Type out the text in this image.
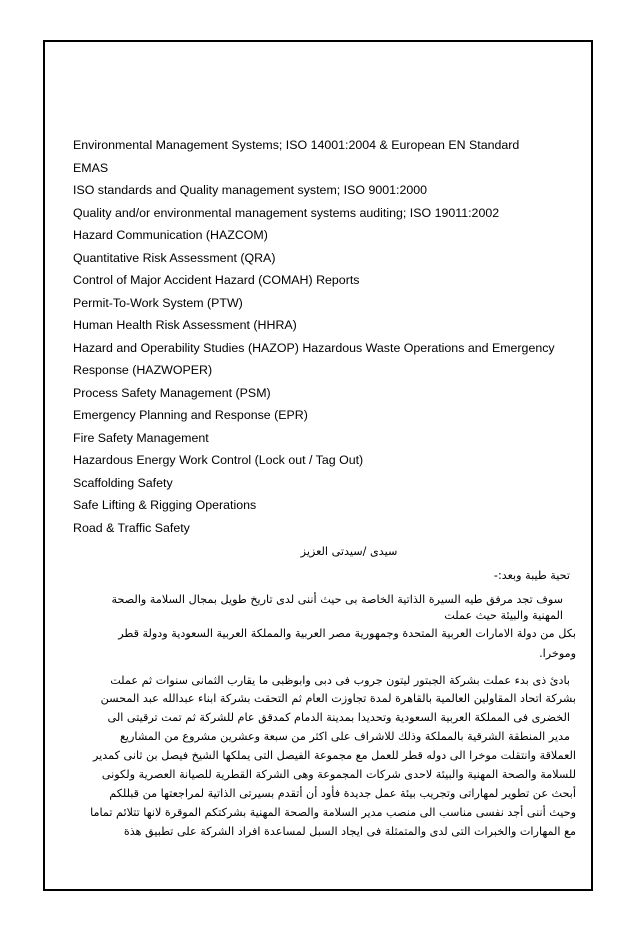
Environmental Management Systems; ISO 14001:2004 & European EN Standard
EMAS
ISO standards and Quality management system; ISO 9001:2000
Quality and/or environmental management systems auditing; ISO 19011:2002
Hazard Communication (HAZCOM)
Quantitative Risk Assessment (QRA)
Control of Major Accident Hazard (COMAH) Reports
Permit-To-Work System (PTW)
Human Health Risk Assessment (HHRA)
Hazard and Operability Studies (HAZOP) Hazardous Waste Operations and Emergency
Response (HAZWOPER)
Process Safety Management (PSM)
Emergency Planning and Response (EPR)
Fire Safety Management
Hazardous Energy Work Control (Lock out / Tag Out)
Scaffolding Safety
Safe Lifting & Rigging Operations
Road & Traffic Safety
سيدى /سيدتى العزيز
تحية طيبة وبعد:-
سوف تجد مرفق طيه السيرة الذاتية الخاصة بى حيث أننى لدى تاريخ طويل بمجال السلامة والصحة
المهنية والبيئة حيث عملت
بكل من دولة الامارات العربية المتحدة وجمهورية مصر العربية والمملكة العربية السعودية ودولة قطر
وموخرا.
بادئ ذى بدء عملت بشركة الجبتور ليتون جروب فى دبى وابوظبى ما يقارب الثمانى سنوات ثم عملت
بشركة اتحاد المقاولين العالمية بالقاهرة لمدة تجاوزت العام ثم التحقت بشركة ابناء عبدالله عبد المحسن
الخضرى فى المملكة العربية السعودية وتحديدا بمدينة الدمام كمدقق عام للشركة ثم تمت ترقيتى الى
مدير المنطقة الشرقية بالمملكة وذلك للاشراف على اكثر من سبعة وعشرين مشروع من المشاريع
العملاقة وانتقلت موخرا الى دوله قطر للعمل مع مجموعة الفيصل التى يملكها الشيخ فيصل بن ثانى كمدير
للسلامة والصحة المهنية والبيئة لاحدى شركات المجموعة وهى الشركة القطرية للصيانة العصرية ولكونى
أبحث عن تطوير لمهاراتى وتجريب بيئة عمل جديدة فأود أن أتقدم بسيرتى الذاتية لمراجعتها من قبللكم
وحيث أننى أجد نفسى مناسب الى منصب مدير السلامة والصحة المهنية بشركتكم الموقرة لانها تتلائم تماما
مع المهارات والخبرات التى لدى والمتمثلة فى ايجاد السبل لمساعدة افراد الشركة على تطبيق هذة
